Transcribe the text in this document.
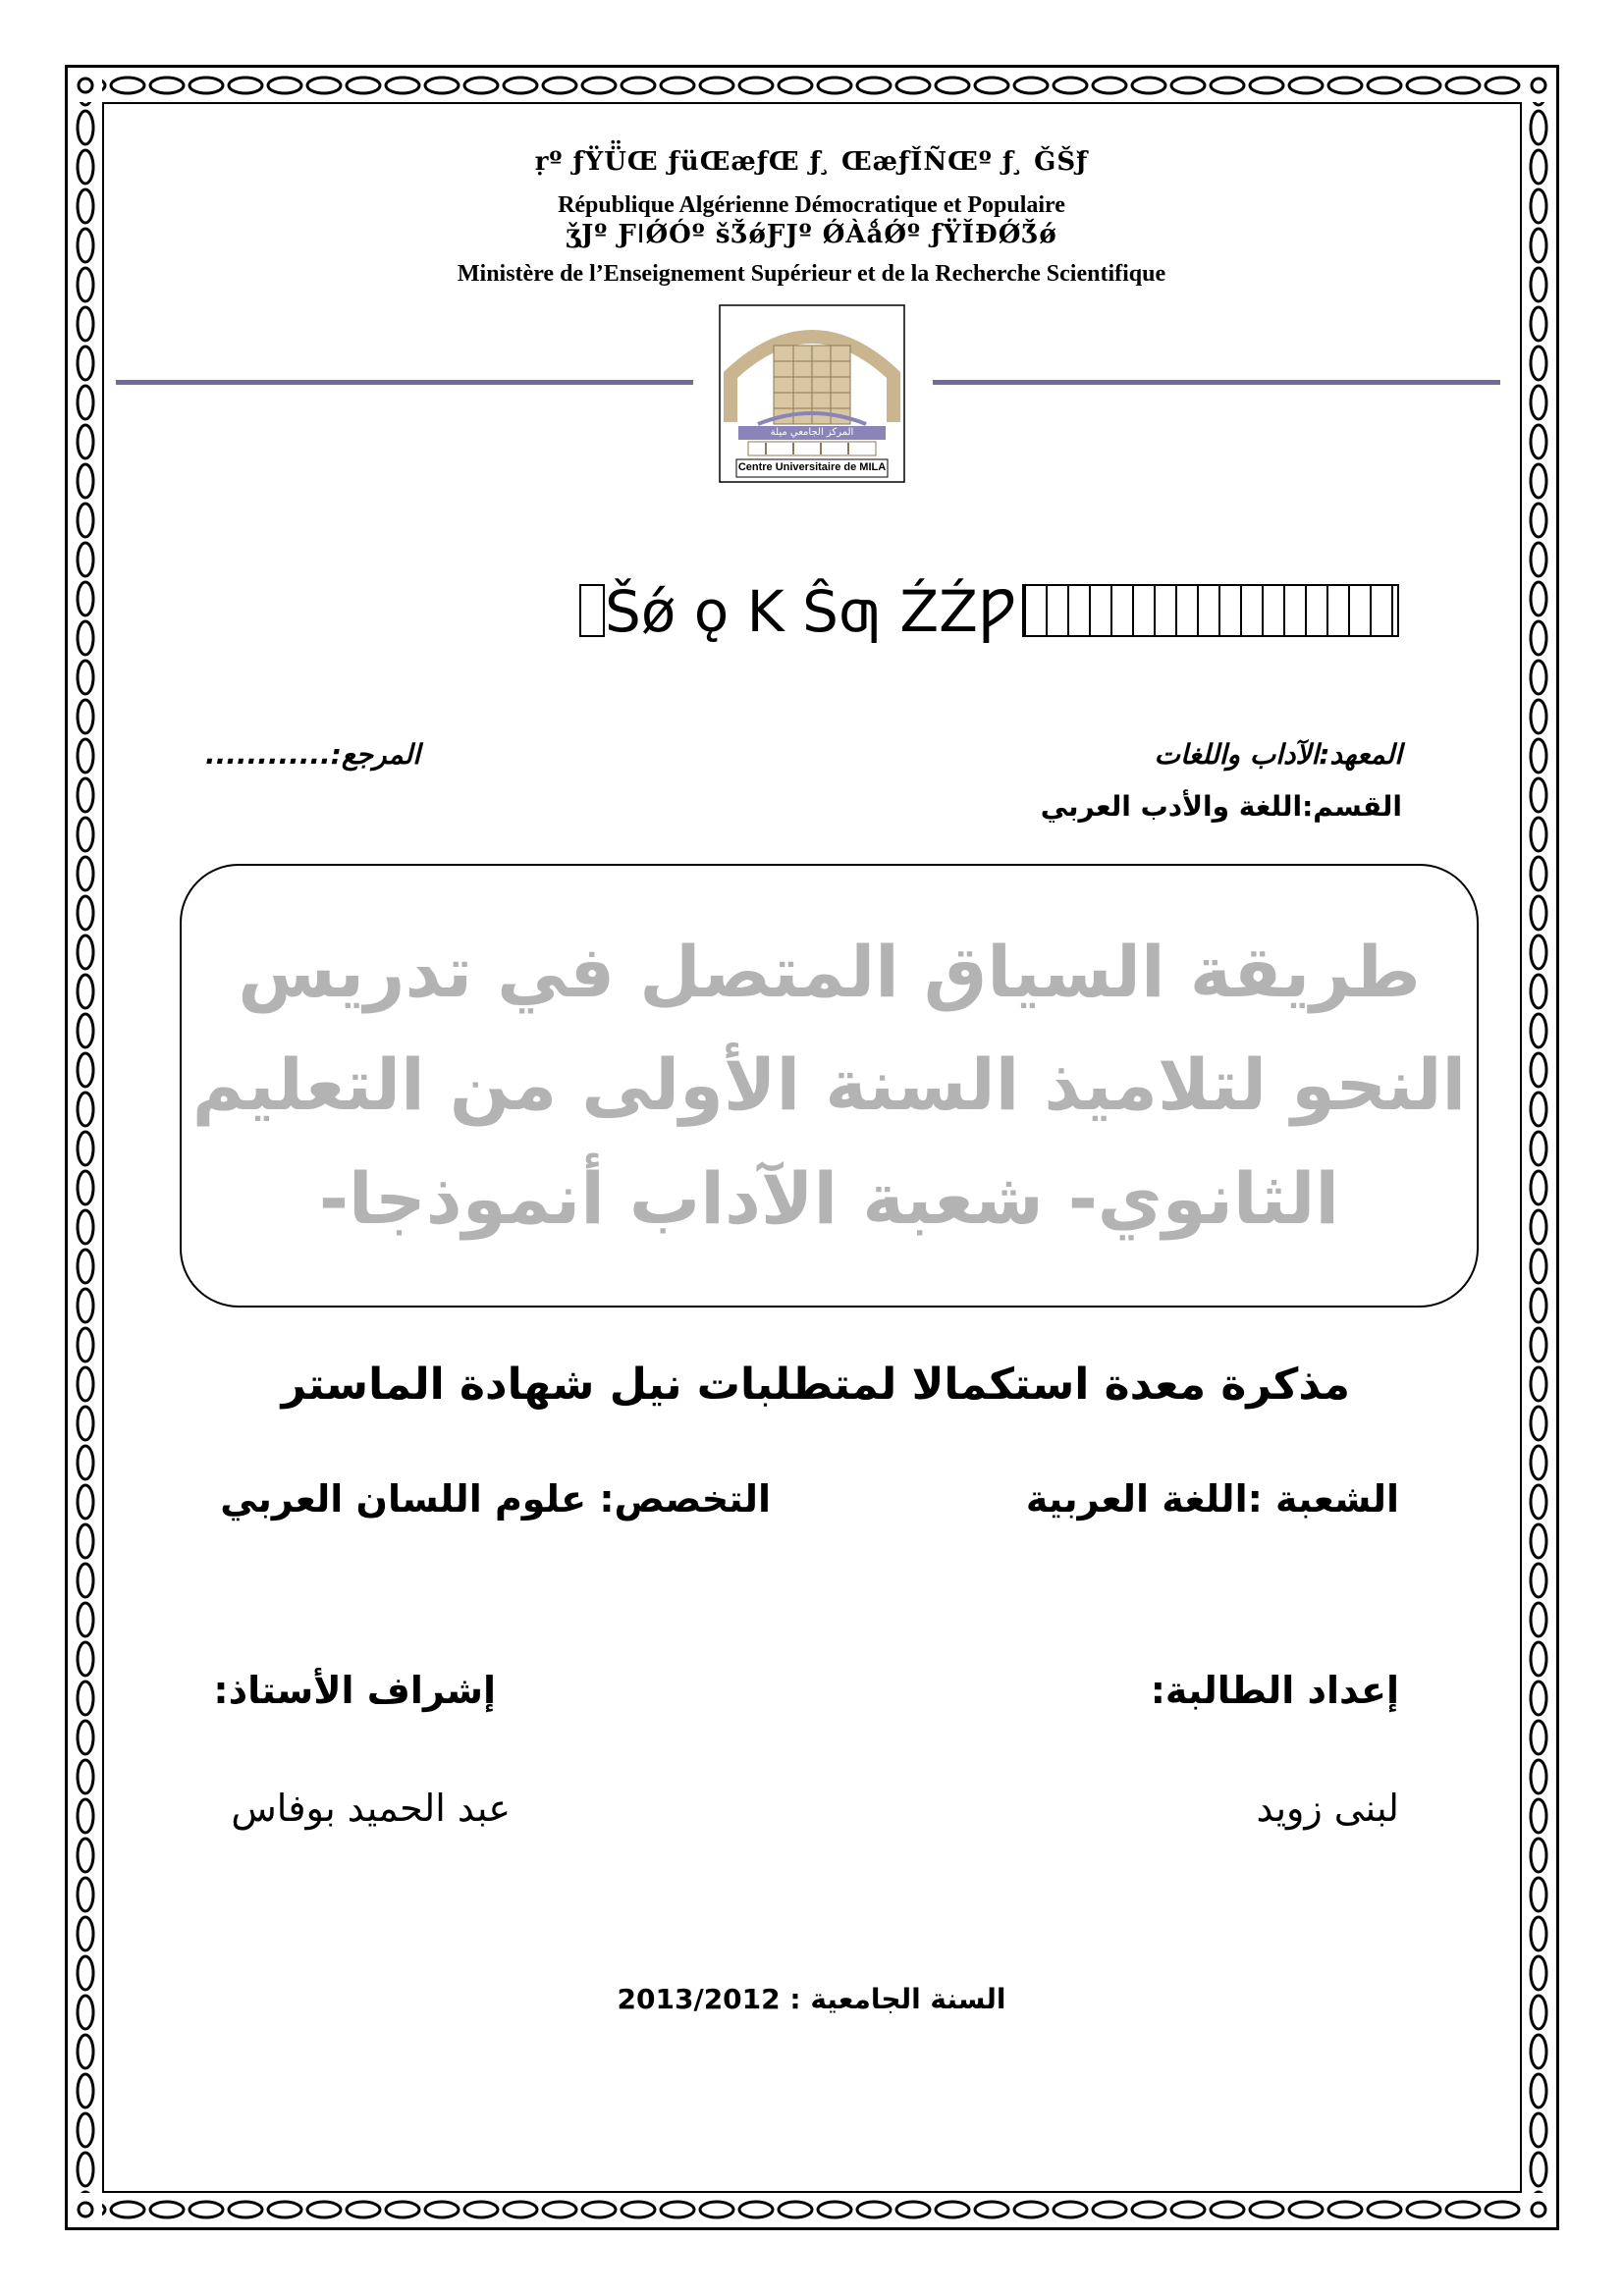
ṛº ƒŸÜ̈Œ ƒüŒæƒŒ ƒ ̧ ŒæƒǏÑŒº ƒ ̧ ǦŠƒ̆
République Algérienne Démocratique et Populaire
ǯJº ƑǀǾÓº šǮǿƑJº ǾÀǻǾº ƒŸǏÐǾǮǿ
Ministère de l’Enseignement Supérieur et de la Recherche Scientifique
المركز الجامعي ميلة
Centre Universitaire de MILA
Šǿ ǫ K Ŝƣ ŹŹǷ
المعهد:الآداب واللغات
القسم:اللغة والأدب العربي
المرجع:............
طريقة السياق المتصل في تدريس
النحو لتلاميذ السنة الأولى من التعليم
الثانوي- شعبة الآداب أنموذجا-
مذكرة معدة استكمالا لمتطلبات نيل شهادة الماستر
الشعبة :اللغة العربية
التخصص: علوم اللسان العربي
إعداد الطالبة:
إشراف الأستاذ:
لبنى زويد
عبد الحميد بوفاس
السنة الجامعية : 2013/2012
